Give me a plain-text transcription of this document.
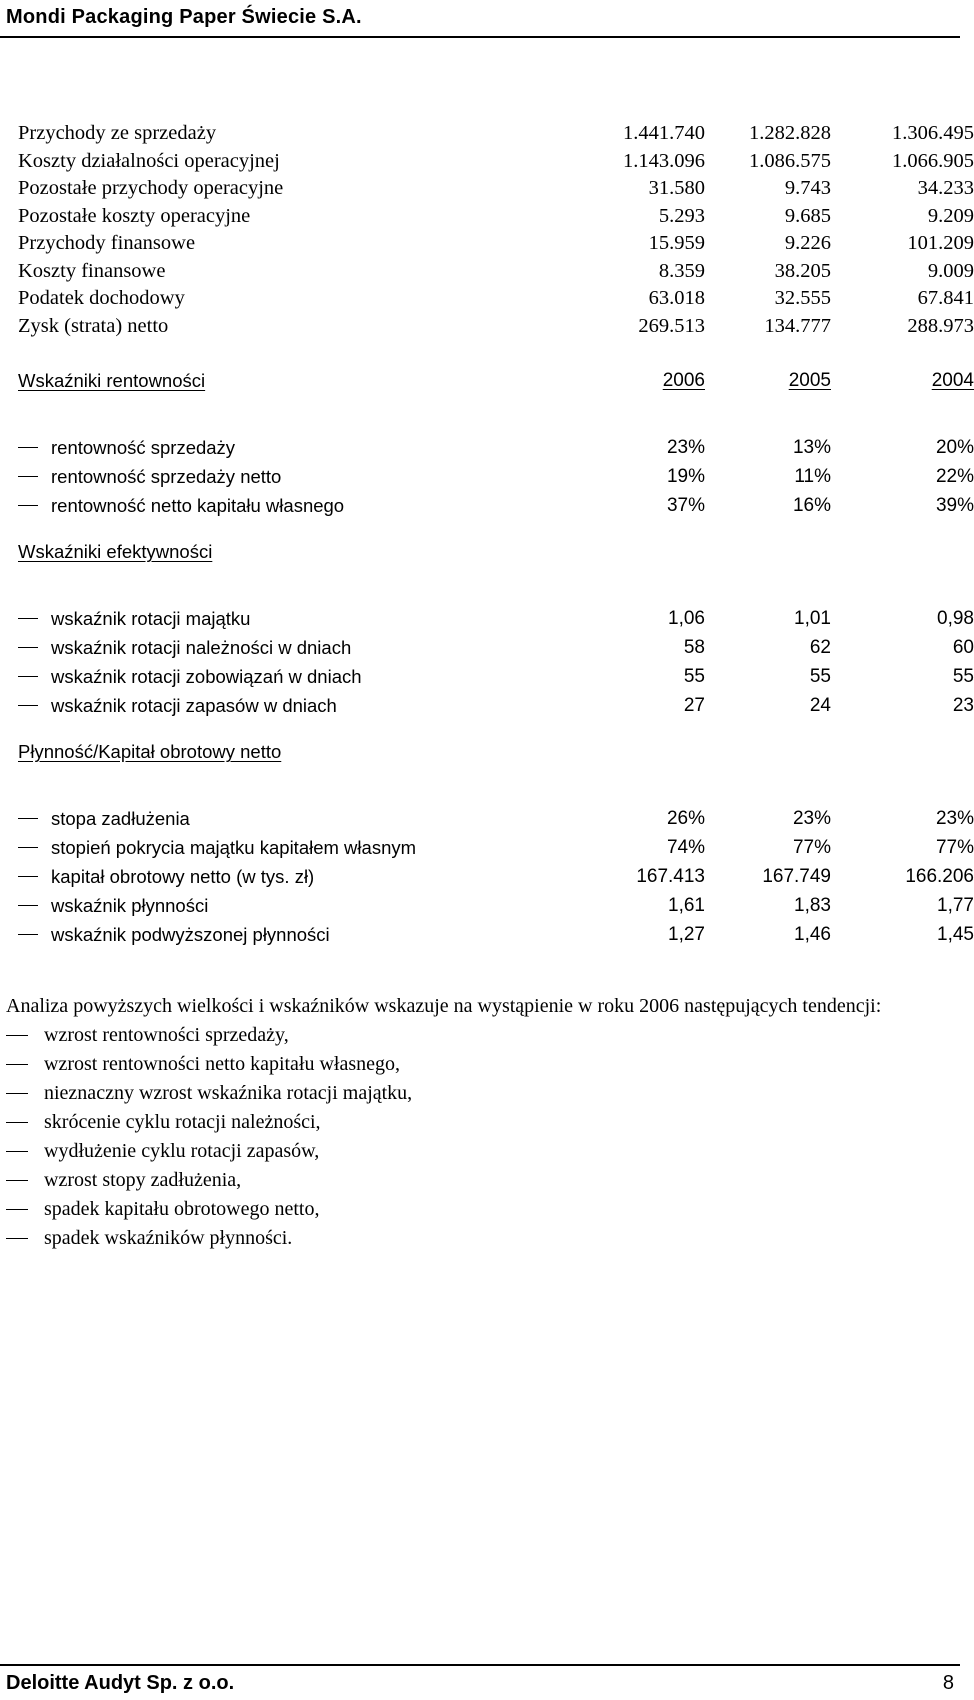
Mondi Packaging Paper Świecie S.A.
Przychody ze sprzedaży	1.441.740 1.282.828	1.306.495
Koszty działalności operacyjnej	1.143.096 1.086.575	1.066.905
Pozostałe przychody operacyjne	31.580	9.743	34.233
Pozostałe koszty operacyjne	5.293	9.685	9.209
Przychody finansowe	15.959	9.226	101.209
Koszty finansowe	8.359	38.205	9.009
Podatek dochodowy	63.018	32.555	67.841
Zysk (strata) netto	269.513	134.777	288.973
Wskaźniki rentowności	2006	2005	2004
rentowność sprzedaży	23%	13%	20%
rentowność sprzedaży netto	19%	11%	22%
rentowność netto kapitału własnego	37%	16%	39%
Wskaźniki efektywności
wskaźnik rotacji majątku	1,06	1,01	0,98
wskaźnik rotacji należności w dniach	58	62	60
wskaźnik rotacji zobowiązań w dniach	55	55	55
wskaźnik rotacji zapasów w dniach	27	24	23
Płynność/Kapitał obrotowy netto
stopa zadłużenia	26%	23%	23%
stopień pokrycia majątku kapitałem własnym	74%	77%	77%
kapitał obrotowy netto (w tys. zł)	167.413	167.749	166.206
wskaźnik płynności	1,61	1,83	1,77
wskaźnik podwyższonej płynności	1,27	1,46	1,45
Analiza powyższych wielkości i wskaźników wskazuje na wystąpienie w roku 2006 następujących tendencji:
wzrost rentowności sprzedaży,
wzrost rentowności netto kapitału własnego,
nieznaczny wzrost wskaźnika rotacji majątku,
skrócenie cyklu rotacji należności,
wydłużenie cyklu rotacji zapasów,
wzrost stopy zadłużenia,
spadek kapitału obrotowego netto,
spadek wskaźników płynności.
Deloitte Audyt Sp. z o.o.	8
